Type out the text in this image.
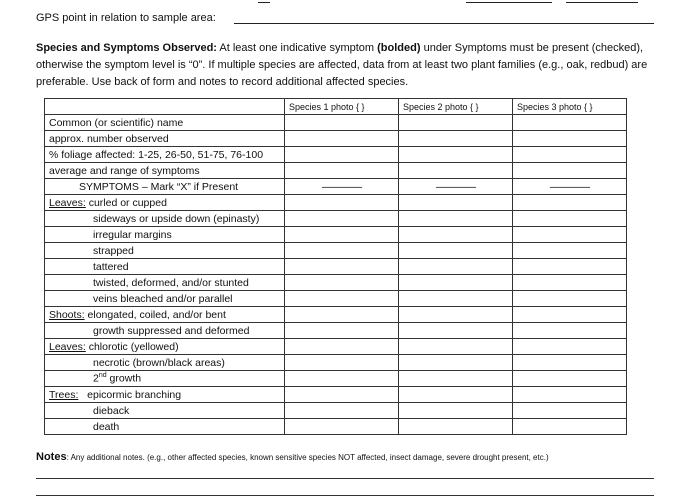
GPS point in relation to sample area:
Species and Symptoms Observed: At least one indicative symptom (bolded) under Symptoms must be present (checked), otherwise the symptom level is “0”. If multiple species are affected, data from at least two plant families (e.g., oak, redbud) are preferable. Use back of form and notes to record additional affected species.
	Species 1 photo { }	Species 2 photo { }	Species 3 photo { }
Common (or scientific) name			
approx. number observed			
% foliage affected: 1-25, 26-50, 51-75, 76-100			
average and range of symptoms			
SYMPTOMS – Mark “X” if Present	--------------------	--------------------	--------------------
Leaves: curled or cupped			
sideways or upside down (epinasty)			
irregular margins			
strapped			
tattered			
twisted, deformed, and/or stunted			
veins bleached and/or parallel			
Shoots: elongated, coiled, and/or bent			
growth suppressed and deformed			
Leaves: chlorotic (yellowed)			
necrotic (brown/black areas)			
2nd growth			
Trees: epicormic branching			
dieback			
death			
Notes: Any additional notes. (e.g., other affected species, known sensitive species NOT affected, insect damage, severe drought present, etc.)
